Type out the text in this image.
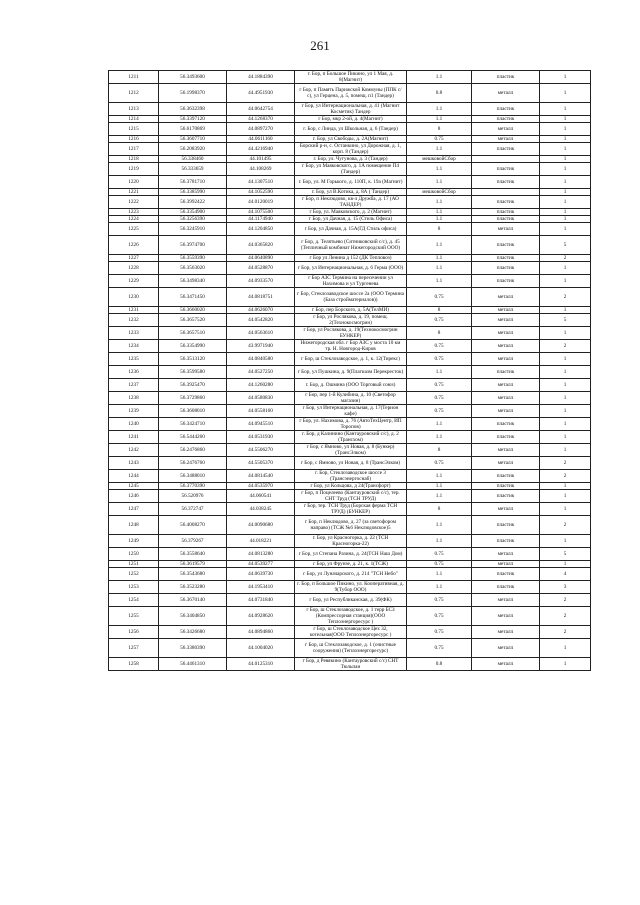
261
1211	56.3493600	44.1884390	г. Бор, п Большое Пикино, ул 1 Мая, д. 8(Магнит)	1.1	пластик	1
1212	56.1998370	44.4951930	г Бор, п Память Парижской Коммуны (ППК с/с), ул Герцена, д. 5, помещ. п1 (Тандер)	0.8	металл	1
1213	56.3632398	44.0642754	г Бор, ул Интернациональная, д. 41 (Магнит Косметик) Тандер	1.1	пластик	1
1214	56.3397120	44.1268370	г Бор, мкр 2-ой, д. 4(Магнит)	1.1	пластик	1
1215	56.6170869	44.0897270	г. Бор, с Линда, ул Школьная, д. 6 (Тандер)	8	металл	1
1216	56.3607710	44.0611160	г. Бор, ул Свободы, д. 2А(Магнит)	0.75	металл	1
1217	56.2083920	44.4216940	Борский р-н, с. Останкино, ул Дорожная, д. 1, корп. 8 (Тандер)	1.1	пластик	1
1218	56.338460	44.101495	г. Бор, ул. Чугунова, д. 3 (Тандер)	мешковойСбор		1
1219	56.333659	44.108269	г Бор, ул Маяковского, д. 1А помещение П4 (Тандер)	1.1	пластик	1
1220	56.3781710	44.1307510	г. Бор, ул. М Горького, д. 110П, к. 19а (Магнит)	1.1	пластик	1
1221	56.3385990	44.1052590	г. Бор, ул В.Котика, д. 8А ( Тандер)	мешковойСбор		1
1222	56.3992422	44.0120019	г Бор, п Неклюдово, кв-л Дружба, д. 17 (АО ТАНДЕР)	1.1	пластик	1
1223	56.3354900	44.1075500	г Бор, ул. Маяковского, д. 2 (Магнит)	1.1	пластик	1
1224	56.3256390	44.1174940	г Бор, ул Дачная, д. 15 (Стиль Офиса)	1.1	пластик	1
1225	56.3245910	44.1204850	г Бор, ул Дачная, д. 15А(ГД Стиль офиса)	8	металл	1
1226	56.3974700	44.0365820	г Бор, д. Телятьево (Ситниковский с/с), д. 45 (Тепличный комбинат Нижегородский ООО)	1.1	пластик	5
1227	56.3559390	44.0640890	г Бор ул Ленина д 152 (ДК Тепловоз)	1.1	пластик	2
1228	56.3563020	44.0528870	г Бор, ул Интернациональная, д. 6 Герма (ООО)	1.1	пластик	1
1229	56.3498340	44.0933570	г Бор АЗС Термина на пересечении ул Нахимова и ул Тургенева	1.1	пластик	1
1230	56.3471450	44.0818751	г Бор, Стеклозаводское шоссе 2а (ООО Термина (База стройматериалов))	0.75	металл	2
1231	56.3660020	44.0626070	г Бор, пер Борского, д. 5А(ТелМИ)	8	металл	1
1232	56.3657520	44.0542820	г Бор, ул Рослякова, д. 19, помещ. 2(Технокосмогрин)	0.75	металл	5
1233	56.3657510	44.0563610	г Бор, ул Рослякова, д. 19(Технокосмогрин БУНКЕР)	8	металл	1
1234	56.3354990	43.9971940	Нижегородская обл. г Бор АЗС у моста 10 км тр. Н. Новгород-Киров	0.75	металл	2
1235	56.3513120	44.0840580	г Бор, ш Стеклозаводское, д. 1, к. 12(Тирекс)	0.75	металл	1
1236	56.3599580	44.0527250	г Бор, ул Пушкина, д. 9(Плагиазм Перекресток)	1.1	пластик	1
1237	56.3925470	44.1260280	г. Бор, д. Ошмина (ООО Торговый союз)	0.75	металл	1
1238	56.3729860	44.0580830	г Бор, пер 1-й Кулибина, д. 10 (Светофор магазин)	0.75	металл	1
1239	56.3608010	44.0558160	г Бор, ул Интернациональная, д. 17(Терион кафе)	0.75	металл	1
1240	56.3424710	44.0945510	г Бор, ул. Нахимова, д. 76 (АвтоТехЦентр, ИП Торопов)	1.1	пластик	1
1241	56.5444260	44.0531930	г. Бор, д Калинино (Кантауровский с/с), д. 2 (Трансхом)	1.1	пластик	1
1242	56.2476860	44.5506270	г Бор, с Ямново, ул Новая, д. 8 (Бункер) (ТрансЭлком)	8	металл	1
1243	56.2476760	44.5505370	г Бор, с Ямново, ул Новая, д. 8 (ТрансЭлком)	0.75	металл	2
1244	56.3488010	44.0814540	г. Бор, Стеклозаводское шоссе 3 (Трансэнергоснаб)	1.1	пластик	2
1245	56.3770390	44.0535970	г Бор, ул Кольцова, д 24(Трансфорт)	1.1	пластик	1
1246	56.520976	44.060541	г Бор, п Поцелеево (Кантауровский с/с), тер. СНТ Труд (ТСН ТРУД)	1.1	пластик	1
1247	56.372747	44.038245	г Бор, тер. ТСН Труд (Борская ферма ТСН ТРУД) (БУНКЕР)	8	металл	1
1248	56.4008270	44.0090680	г Бор, п Неклюдово, д. 27 (за светофором направо) (ТСЖ №6 Неклюдовское)5	1.1	пластик	2
1249	56.379267	44.018221	г. Бор, ул Красногорка, д. 22 (ТСН Красногорка-22)	1.1	пластик	1
1250	56.3558640	44.0813280	г Бор, ул Степана Разина, д. 24(ТСН Наш Дом)	0.75	металл	5
1251	56.3619579	44.0539277	г Бор, ул Фрунзе, д. 21, к. 1(ТСЖ)	0.75	металл	1
1252	56.3543680	44.0639730	г Бор, ул Луначарского, д. 214 "ТСН Небо"	1.1	пластик	4
1253	56.3523280	44.1953410	г. Бор, п Большое Пикино, ул. Кооперативная, д. 9(Тубор ООО)	1.1	пластик	3
1254	56.3670140	44.0731840	г Бор, ул Республиканская, д. 39(ФК)	0.75	металл	2
1255	56.3404850	44.0928620	г Бор, ш Стеклозаводское, д. 1 терр БСЗ (Компрессорная станция)(ООО Теплоэнергоресурс )	0.75	металл	2
1256	56.3426680	44.0894860	г Бор, ш Стеклозаводское Цех 32, котельная(ООО Теплоэнергоресурс )	0.75	металл	2
1257	56.3380390	44.1004020	г Бор, ш Стеклозаводское, д. 1 (очистные сооружения) (Теплоэнергоресурс)	0.75	металл	1
1258	56.4461310	44.0125310	г Бор, д Ревякино (Кантауровский с/с) СНТ Тюльпан	0.8	металл	1
